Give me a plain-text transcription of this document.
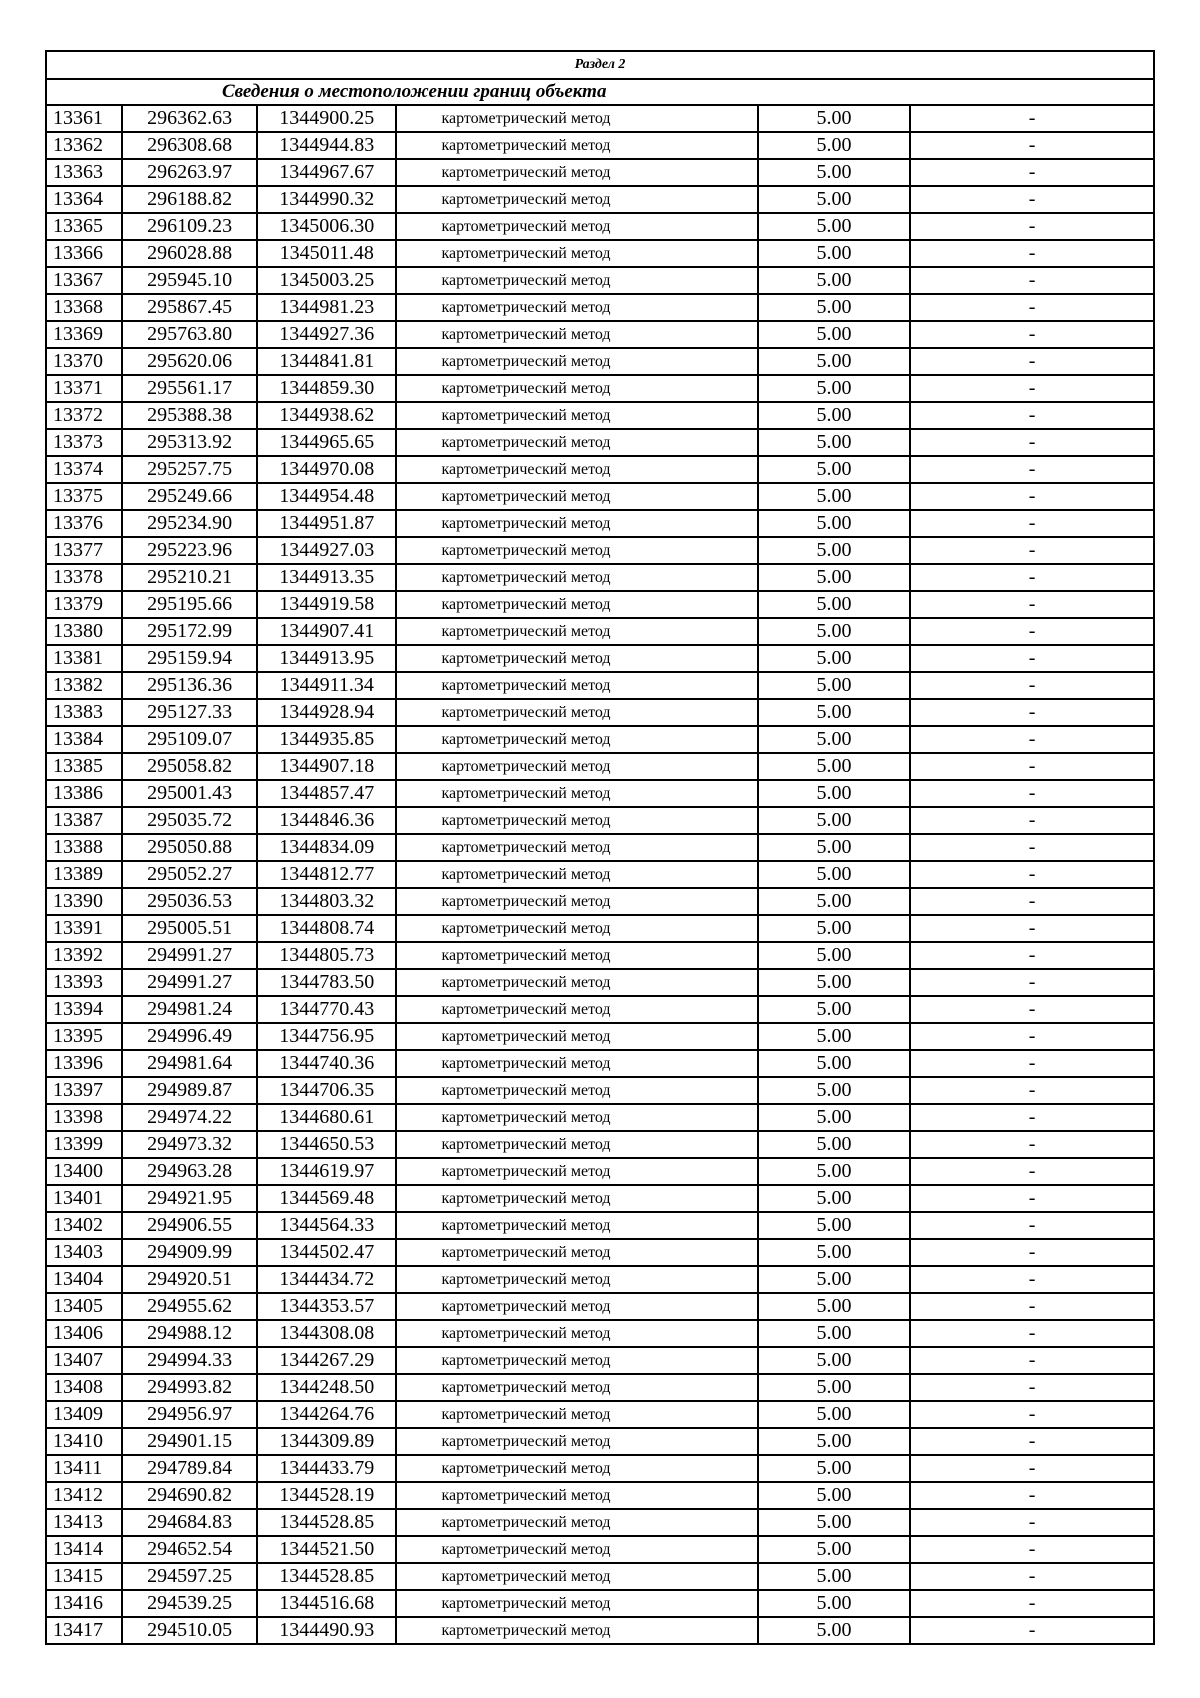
Раздел 2					
Сведения о местоположении границ объекта					
13361	296362.63	1344900.25	картометрический метод	5.00	-
13362	296308.68	1344944.83	картометрический метод	5.00	-
13363	296263.97	1344967.67	картометрический метод	5.00	-
13364	296188.82	1344990.32	картометрический метод	5.00	-
13365	296109.23	1345006.30	картометрический метод	5.00	-
13366	296028.88	1345011.48	картометрический метод	5.00	-
13367	295945.10	1345003.25	картометрический метод	5.00	-
13368	295867.45	1344981.23	картометрический метод	5.00	-
13369	295763.80	1344927.36	картометрический метод	5.00	-
13370	295620.06	1344841.81	картометрический метод	5.00	-
13371	295561.17	1344859.30	картометрический метод	5.00	-
13372	295388.38	1344938.62	картометрический метод	5.00	-
13373	295313.92	1344965.65	картометрический метод	5.00	-
13374	295257.75	1344970.08	картометрический метод	5.00	-
13375	295249.66	1344954.48	картометрический метод	5.00	-
13376	295234.90	1344951.87	картометрический метод	5.00	-
13377	295223.96	1344927.03	картометрический метод	5.00	-
13378	295210.21	1344913.35	картометрический метод	5.00	-
13379	295195.66	1344919.58	картометрический метод	5.00	-
13380	295172.99	1344907.41	картометрический метод	5.00	-
13381	295159.94	1344913.95	картометрический метод	5.00	-
13382	295136.36	1344911.34	картометрический метод	5.00	-
13383	295127.33	1344928.94	картометрический метод	5.00	-
13384	295109.07	1344935.85	картометрический метод	5.00	-
13385	295058.82	1344907.18	картометрический метод	5.00	-
13386	295001.43	1344857.47	картометрический метод	5.00	-
13387	295035.72	1344846.36	картометрический метод	5.00	-
13388	295050.88	1344834.09	картометрический метод	5.00	-
13389	295052.27	1344812.77	картометрический метод	5.00	-
13390	295036.53	1344803.32	картометрический метод	5.00	-
13391	295005.51	1344808.74	картометрический метод	5.00	-
13392	294991.27	1344805.73	картометрический метод	5.00	-
13393	294991.27	1344783.50	картометрический метод	5.00	-
13394	294981.24	1344770.43	картометрический метод	5.00	-
13395	294996.49	1344756.95	картометрический метод	5.00	-
13396	294981.64	1344740.36	картометрический метод	5.00	-
13397	294989.87	1344706.35	картометрический метод	5.00	-
13398	294974.22	1344680.61	картометрический метод	5.00	-
13399	294973.32	1344650.53	картометрический метод	5.00	-
13400	294963.28	1344619.97	картометрический метод	5.00	-
13401	294921.95	1344569.48	картометрический метод	5.00	-
13402	294906.55	1344564.33	картометрический метод	5.00	-
13403	294909.99	1344502.47	картометрический метод	5.00	-
13404	294920.51	1344434.72	картометрический метод	5.00	-
13405	294955.62	1344353.57	картометрический метод	5.00	-
13406	294988.12	1344308.08	картометрический метод	5.00	-
13407	294994.33	1344267.29	картометрический метод	5.00	-
13408	294993.82	1344248.50	картометрический метод	5.00	-
13409	294956.97	1344264.76	картометрический метод	5.00	-
13410	294901.15	1344309.89	картометрический метод	5.00	-
13411	294789.84	1344433.79	картометрический метод	5.00	-
13412	294690.82	1344528.19	картометрический метод	5.00	-
13413	294684.83	1344528.85	картометрический метод	5.00	-
13414	294652.54	1344521.50	картометрический метод	5.00	-
13415	294597.25	1344528.85	картометрический метод	5.00	-
13416	294539.25	1344516.68	картометрический метод	5.00	-
13417	294510.05	1344490.93	картометрический метод	5.00	-
